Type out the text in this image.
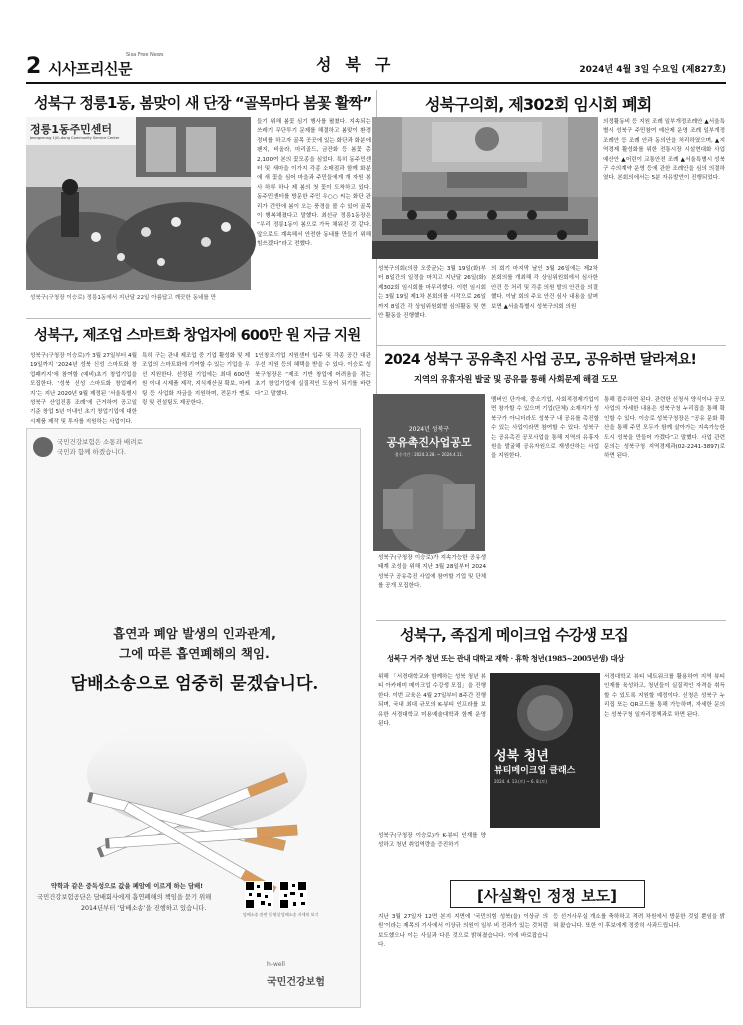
2 시사프리신문
Sisa Free News	성북구	2024년 4월 3일 수요일 (제827호)
성북구 정릉1동, 봄맞이 새 단장 “골목마다 봄꽃 활짝”
정릉1동주민센터
Jeongneung 1(il)-dong Community Service Center
성북구(구청장 이승로) 정릉1동에서 지난달 22일 아름답고 깨끗한 동네를 만
들기 위해 봄꽃 심기 행사를 펼쳤다. 지속되는 쓰레기 무단투기 문제를 해결하고 봄맞이 환경정비를 하고자 골목 곳곳에 있는 화단과 화분에 팬지, 비올라, 마리골드, 금잔화 등 봄꽃 총 2,100여 본의 꽃모종을 심었다. 특히 동주민센터 및 새마을 이가지 각종 소매점과 함께 화분에 새 꽃을 심어 마을과 주민들에게 개 자원 봉사 하루 하나 제 봄의 첫 꽃이 도착하고 있다. 동주민센터를 방문한 주민 우○○ 씨는 화단 관리가 간만에 봄이 오는 풍경을 볼 수 있어 골목이 행복해졌다고 말했다. 최선규 정릉1동장은 “우리 정릉1동이 봄으로 가득 채워진 것 같다. 앞으로도 계속해서 안전한 동네를 만들기 위해 힘쓰겠다”라고 전했다.
성북구의회, 제302회 임시회 폐회
의정활동비 등 지원 조례 일부개정조례안 ▲서울특별시 성북구 주민참여 예산제 운영 조례 일부개정조례안 등 조례 안과 동의안을 처리하였으며, ▲지역경제 활성화를 위한 전통시장 시설현대화 사업 예산안 ▲어린이 교통안전 조례 ▲서울특별시 성북구 수의계약 운영 등에 관한 조례안을 심의 의결하였다. 본회의에서는 5분 자유발언이 진행되었다.
성북구의회(의장 오중균)는 3월 19일(화)부터 8일간의 일정을 마치고 지난달 26일(화) 제302회 임시회를 마무리했다. 이번 임시회는 3월 19일 제1차 본회의를 시작으로 26일까지 8일간 각 상임위원회별 심의활동 및 현안 활동을 진행했다.
의 회기 마지막 날인 3월 26일에는 제2차 본회의를 개최해 각 상임위원회에서 심사한 안건 등 처리 및 각종 의원 발의 안건을 의결했다. 이날 회의 주요 안건 심사 내용을 살펴보면 ▲서울특별시 성북구의회 의원
성북구, 제조업 스마트화 창업자에 600만 원 자금 지원
성북구(구청장 이승로)가 3월 27일부터 4월 19일까지 ‘2024년 성북 신성 스마트화 창업패키지’에 참여할 (예비)초기 창업기업을 모집한다. ‘성북 신성 스마트화 창업패키지’는 지난 2020년 9월 제정된 ‘서울특별시 성북구 산업진흥 조례’에 근거하여 공고일 기준 창업 5년 이내인 초기 창업기업에 대한 시제품 제작 및 투자를 지원하는 사업이다.
특히 구는 관내 제조업 중 기업 활성화 및 제조업의 스마트화에 기여할 수 있는 기업을 우선 지원한다. 선정된 기업에는 최대 600만 원 이내 시제품 제작, 지식재산권 확보, 마케팅 등 사업화 자금을 지원하며, 전문가 멘토링 및 컨설팅도 제공한다.
1인창조기업 지원센터 입주 및 각종 공간 대관 우선 지원 등의 혜택을 받을 수 있다. 이승로 성북구청장은 “제조 기반 창업에 어려움을 겪는 초기 창업기업에 실질적인 도움이 되기를 바란다”고 말했다.
국민건강보험은 소통과 배려로
국민과 함께 하겠습니다.
흡연과 폐암 발생의 인과관계,
그에 따른 흡연폐해의 책임.
담배소송으로 엄중히 묻겠습니다.
약학과 같은 중독성으로 값을 폐암에 이르게 하는 담배!
국민건강보험공단은 담배회사에게 흡연폐해의 책임을 묻기 위해
2014년부터 ‘담배소송’을 진행하고 있습니다.
담배소송 관련 동영상 담배소송 자세히 보기
h-well
국민건강보험
2024 성북구 공유촉진 사업 공모, 공유하면 달라져요!
지역의 유휴자원 발굴 및 공유를 통해 사회문제 해결 도모
2024년 성북구
공유촉진사업공모
접수기간 : 2024.3.28. ~ 2024.4.11.
성북구(구청장 이승로)가 지속가능한 공유생태계 조성을 위해 지난 3월 28일부터 2024 성북구 공유촉진 사업에 참여할 기업 및 단체를 공개 모집한다.
멤버인 단가에, 중소기업, 사회적경제기업이면 참가할 수 있으며 기업(단체) 소재지가 성북구가 아니더라도 성북구 내 공유를 촉진할 수 있는 사업이라면 참여할 수 있다. 성북구는 공유촉진 공모사업을 통해 지역의 유휴자원을 발굴해 공유자원으로 재생산하는 사업을 지원한다.
통해 접수하면 된다. 관련한 신청서 양식이나 공모사업의 자세한 내용은 성북구청 누리집을 통해 확인할 수 있다. 이승로 성북구청장은 “공유 문화 확산을 통해 주민 모두가 함께 살아가는 지속가능한 도시 성북을 만들어 가겠다”고 말했다. 사업 관련 문의는 성북구청 지역경제과(02-2241-3897)로 하면 된다.
성북구, 족집게 메이크업 수강생 모집
성북구 거주 청년 또는 관내 대학교 재학 · 휴학 청년(1985~2005년생) 대상
성북 청년
뷰티메이크업 클래스
2024. 4. 13.(토) ~ 6. 8.(토)
성북구(구청장 이승로)가 K-뷰티 인재를 양성하고 청년 취업역량을 증진하기
위해 「서경대학교와 함께하는 성북 청년 뷰티 아카데미 메이크업 수강생 모집」을 진행한다. 이번 교육은 4월 27일부터 8주간 진행되며, 국내 최대 규모의 K-뷰티 인프라를 보유한 서경대학교 미용예술대학과 함께 운영된다.
서경대학교 뷰티 네트워크를 활용하여 지역 뷰티인재를 육성하고, 청년들이 실질적인 자격을 취득할 수 있도록 지원할 예정이다. 신청은 성북구 누리집 또는 QR코드를 통해 가능하며, 자세한 문의는 성북구청 일자리정책과로 하면 된다.
[사실확인 정정 보도]
지난 3월 27일자 12면 본지 지면에 ‘국민의힘 성북(을) 이상규 의원’이라는 제목의 기사에서 이상규 의원이 일부 비 전과가 있는 것처럼 보도했으나 이는 사실과 다른 것으로 밝혀졌습니다. 이에 바로잡습니다.
등 선거사무실 개소를 축하하고 격려 차원에서 방문한 것일 뿐임을 밝혀 왔습니다. 또한 이 후보에게 정중히 사과드립니다.
